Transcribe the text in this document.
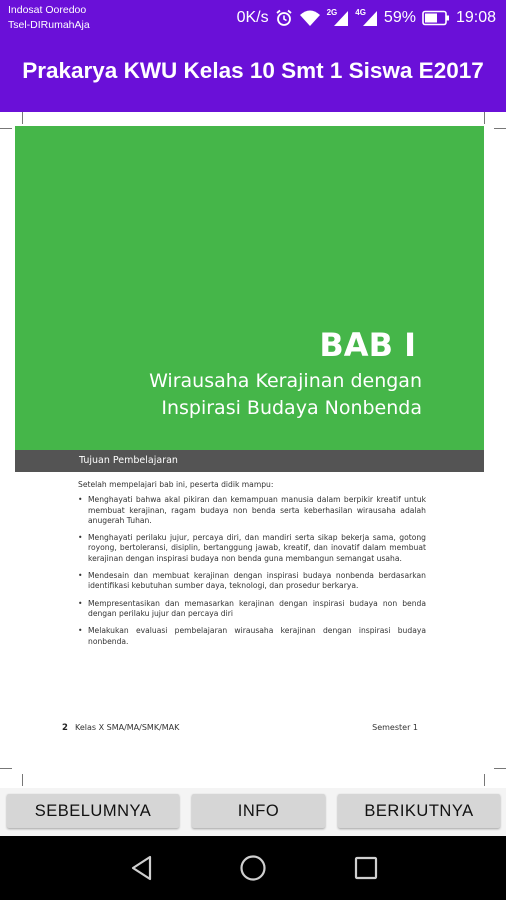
Indosat Ooredoo
Tsel-DIRumahAja	0K/s	2G 4G 59%	19:08
Prakarya KWU Kelas 10 Smt 1 Siswa E2017
BAB I
Wirausaha Kerajinan dengan
Inspirasi Budaya Nonbenda
Tujuan Pembelajaran

Setelah mempelajari bab ini, peserta didik mampu:

• Menghayati bahwa akal pikiran dan kemampuan manusia dalam berpikir kreatif untuk membuat kerajinan, ragam budaya non benda serta keberhasilan wirausaha adalah anugerah Tuhan.
• Menghayati perilaku jujur, percaya diri, dan mandiri serta sikap bekerja sama, gotong royong, bertoleransi, disiplin, bertanggung jawab, kreatif, dan inovatif dalam membuat kerajinan dengan inspirasi budaya non benda guna membangun semangat usaha.
• Mendesain dan membuat kerajinan dengan inspirasi budaya nonbenda berdasarkan identifikasi kebutuhan sumber daya, teknologi, dan prosedur berkarya.
• Mempresentasikan dan memasarkan kerajinan dengan inspirasi budaya non benda dengan perilaku jujur dan percaya diri
• Melakukan evaluasi pembelajaran wirausaha kerajinan dengan inspirasi budaya nonbenda.
2 Kelas X SMA/MA/SMK/MAK	Semester 1
SEBELUMNYA	INFO	BERIKUTNYA
